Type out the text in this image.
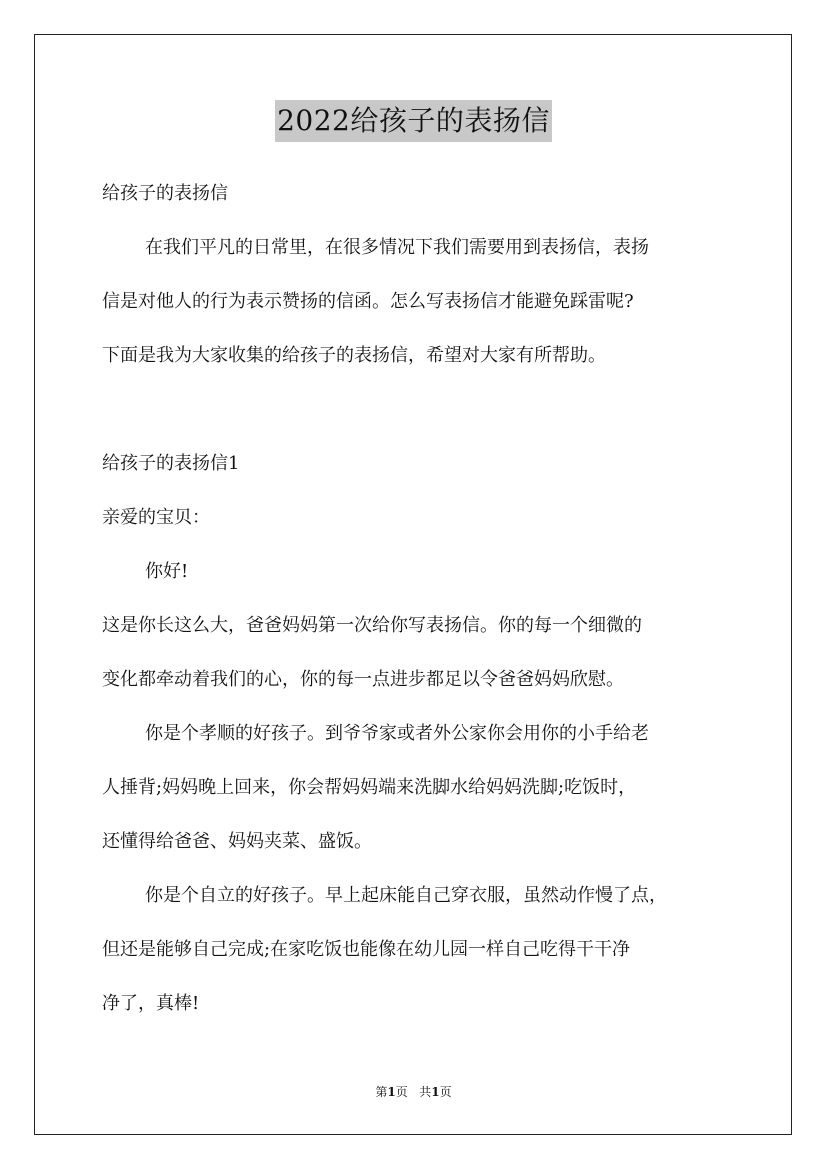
2022给孩子的表扬信
给孩子的表扬信
在我们平凡的日常里，在很多情况下我们需要用到表扬信，表扬
信是对他人的行为表示赞扬的信函。怎么写表扬信才能避免踩雷呢?
下面是我为大家收集的给孩子的表扬信，希望对大家有所帮助。
给孩子的表扬信1
亲爱的宝贝：
你好!
这是你长这么大，爸爸妈妈第一次给你写表扬信。你的每一个细微的
变化都牵动着我们的心，你的每一点进步都足以令爸爸妈妈欣慰。
你是个孝顺的好孩子。到爷爷家或者外公家你会用你的小手给老
人捶背;妈妈晚上回来，你会帮妈妈端来洗脚水给妈妈洗脚;吃饭时，
还懂得给爸爸、妈妈夹菜、盛饭。
你是个自立的好孩子。早上起床能自己穿衣服，虽然动作慢了点，
但还是能够自己完成;在家吃饭也能像在幼儿园一样自己吃得干干净
净了，真棒!
第1页   共1页
